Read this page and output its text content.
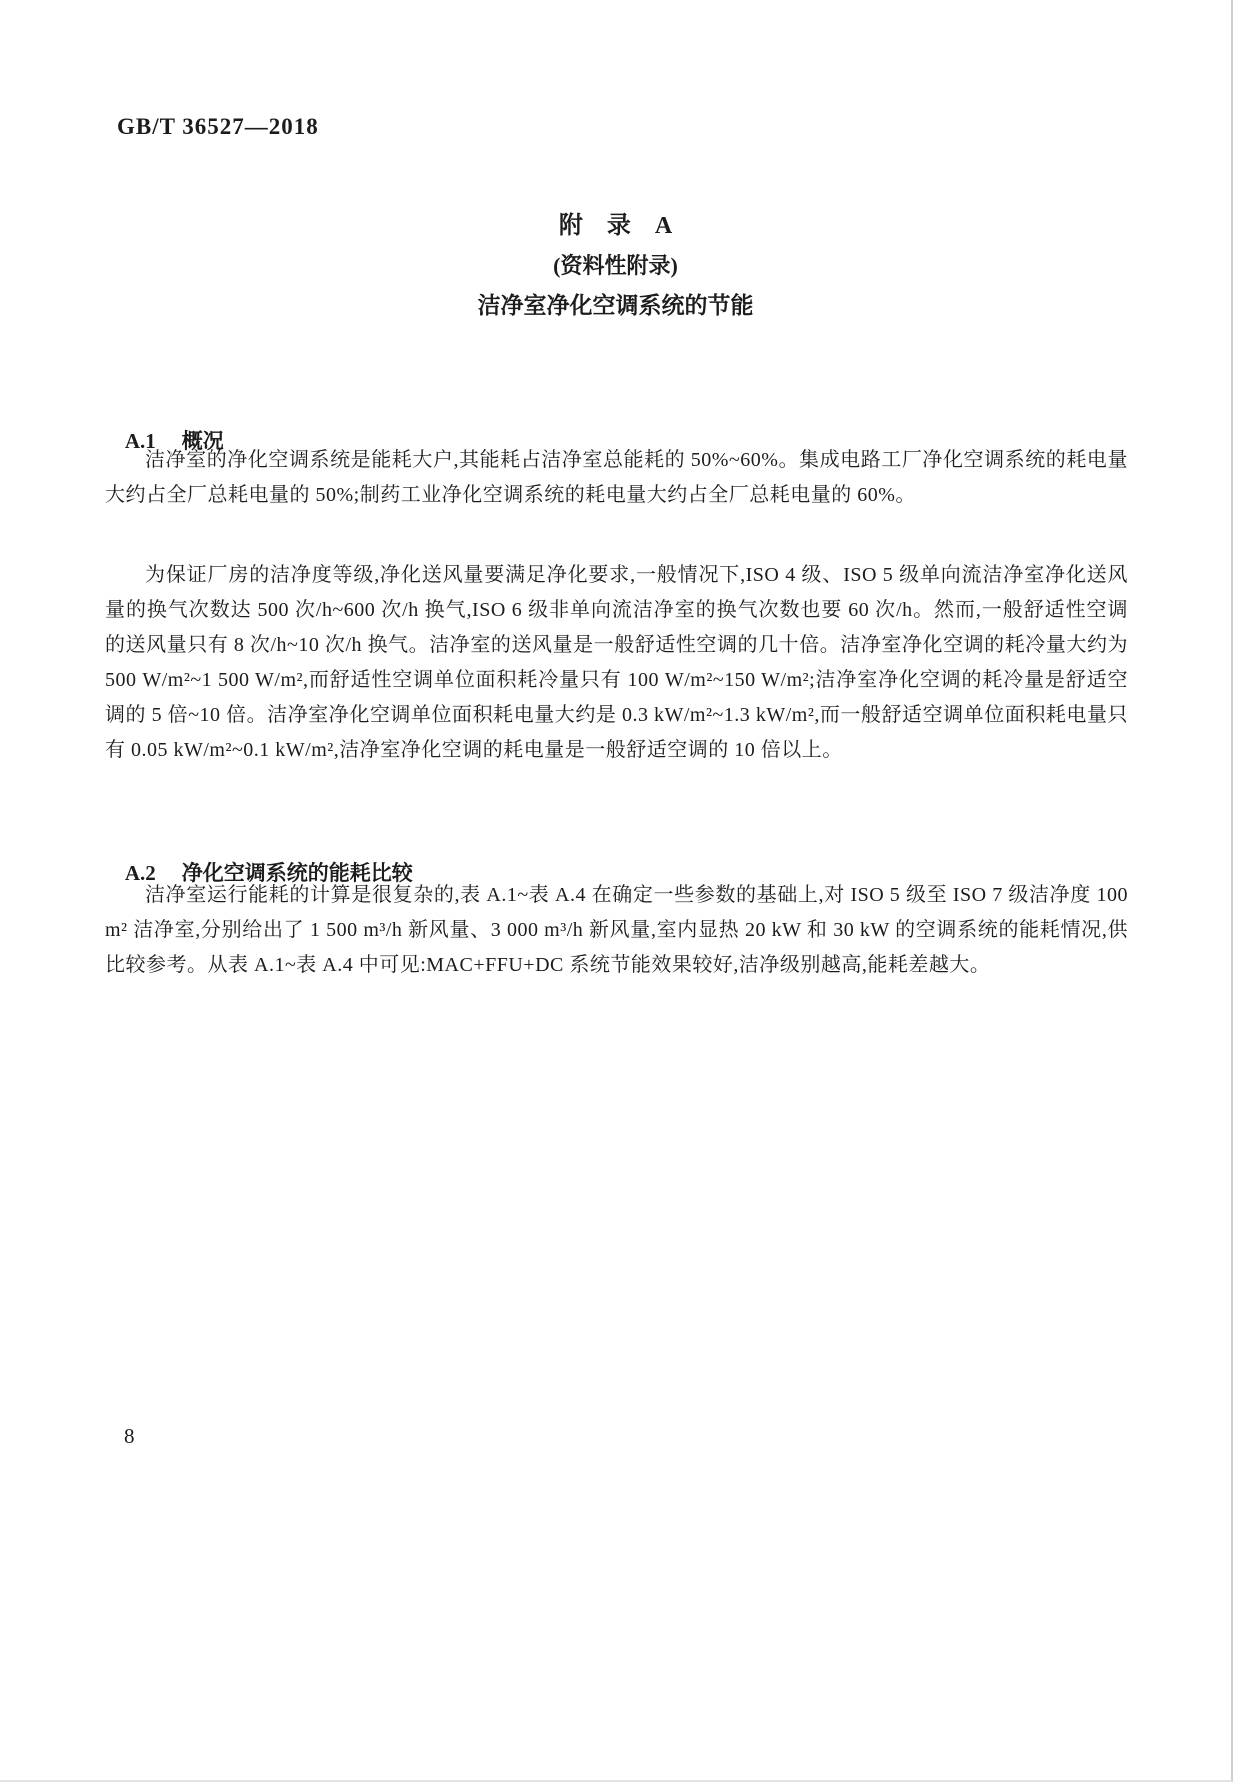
GB/T 36527—2018
附　录　A
(资料性附录)
洁净室净化空调系统的节能

A.1 概况

洁净室的净化空调系统是能耗大户,其能耗占洁净室总能耗的 50%~60%。集成电路工厂净化空调系统的耗电量大约占全厂总耗电量的 50%;制药工业净化空调系统的耗电量大约占全厂总耗电量的 60%。

为保证厂房的洁净度等级,净化送风量要满足净化要求,一般情况下,ISO 4 级、ISO 5 级单向流洁净室净化送风量的换气次数达 500 次/h~600 次/h 换气,ISO 6 级非单向流洁净室的换气次数也要 60 次/h。然而,一般舒适性空调的送风量只有 8 次/h~10 次/h 换气。洁净室的送风量是一般舒适性空调的几十倍。洁净室净化空调的耗冷量大约为 500 W/m²~1 500 W/m²,而舒适性空调单位面积耗冷量只有 100 W/m²~150 W/m²;洁净室净化空调的耗冷量是舒适空调的 5 倍~10 倍。洁净室净化空调单位面积耗电量大约是 0.3 kW/m²~1.3 kW/m²,而一般舒适空调单位面积耗电量只有 0.05 kW/m²~0.1 kW/m²,洁净室净化空调的耗电量是一般舒适空调的 10 倍以上。

A.2 净化空调系统的能耗比较

洁净室运行能耗的计算是很复杂的,表 A.1~表 A.4 在确定一些参数的基础上,对 ISO 5 级至 ISO 7 级洁净度 100 m² 洁净室,分别给出了 1 500 m³/h 新风量、3 000 m³/h 新风量,室内显热 20 kW 和 30 kW 的空调系统的能耗情况,供比较参考。从表 A.1~表 A.4 中可见:MAC+FFU+DC 系统节能效果较好,洁净级别越高,能耗差越大。

8
